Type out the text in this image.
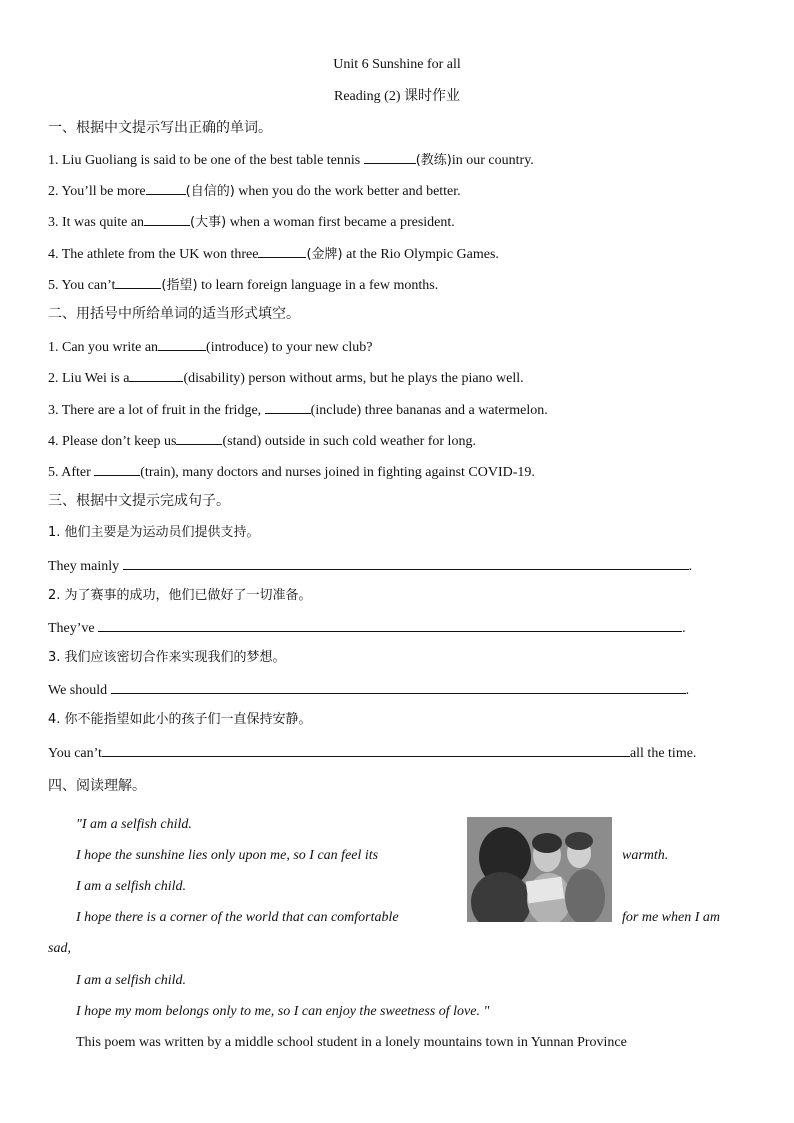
Unit 6 Sunshine for all
Reading (2) 课时作业
一、根据中文提示写出正确的单词。
1. Liu Guoliang is said to be one of the best table tennis	(教练)in our country.
2. You’ll be more	(自信的) when you do the work better and better.
3. It was quite an	(大事) when a woman first became a president.
4. The athlete from the UK won three	(金牌) at the Rio Olympic Games.
5. You can’t	(指望) to learn foreign language in a few months.
二、用括号中所给单词的适当形式填空。
1. Can you write an	(introduce) to your new club?
2. Liu Wei is a	(disability) person without arms, but he plays the piano well.
3. There are a lot of fruit in the fridge,	(include) three bananas and a watermelon.
4. Please don’t keep us	(stand) outside in such cold weather for long.
5. After	(train), many doctors and nurses joined in fighting against COVID-19.
三、根据中文提示完成句子。
1. 他们主要是为运动员们提供支持。
They mainly	.
2. 为了赛事的成功，他们已做好了一切准备。
They’ve	.
3. 我们应该密切合作来实现我们的梦想。
We should	.
4. 你不能指望如此小的孩子们一直保持安静。
You can’t	all the time.
四、阅读理解。
"I am a selfish child.
I hope the sunshine lies only upon me, so I can feel its	warmth.
I am a selfish child.
I hope there is a corner of the world that can comfortable	for me when I am
sad,
I am a selfish child.
I hope my mom belongs only to me, so I can enjoy the sweetness of love. "
This poem was written by a middle school student in a lonely mountains town in Yunnan Province
